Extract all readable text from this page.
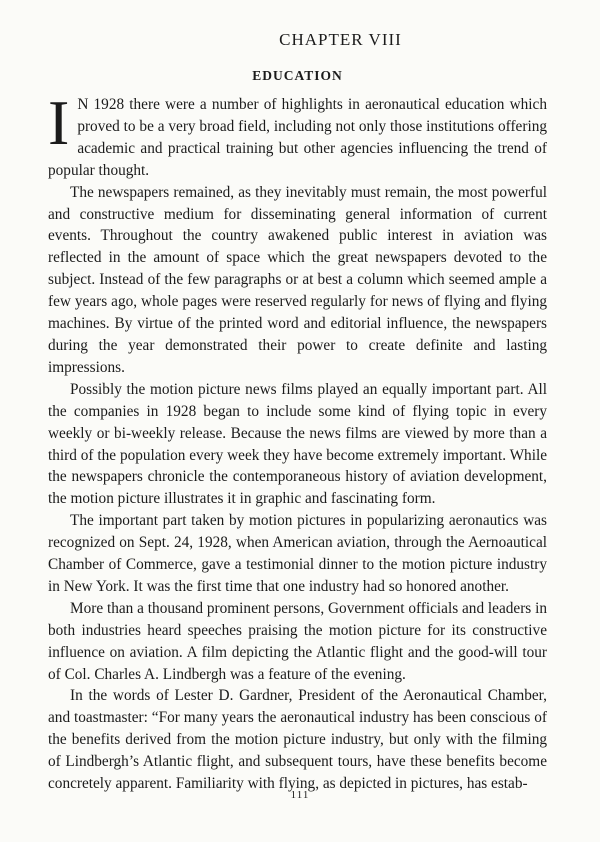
CHAPTER VIII
EDUCATION

I N 1928 there were a number of highlights in aeronautical education which proved to be a very broad field, including not only those institutions offering academic and practical training but other agencies influencing the trend of popular thought.

The newspapers remained, as they inevitably must remain, the most powerful and constructive medium for disseminating general information of current events. Throughout the country awakened public interest in aviation was reflected in the amount of space which the great newspapers devoted to the subject. Instead of the few paragraphs or at best a column which seemed ample a few years ago, whole pages were reserved regularly for news of flying and flying machines. By virtue of the printed word and editorial influence, the newspapers during the year demonstrated their power to create definite and lasting impressions.

Possibly the motion picture news films played an equally important part. All the companies in 1928 began to include some kind of flying topic in every weekly or bi-weekly release. Because the news films are viewed by more than a third of the population every week they have become extremely important. While the newspapers chronicle the contemporaneous history of aviation development, the motion picture illustrates it in graphic and fascinating form.

The important part taken by motion pictures in popularizing aeronautics was recognized on Sept. 24, 1928, when American aviation, through the Aernoautical Chamber of Commerce, gave a testimonial dinner to the motion picture industry in New York. It was the first time that one industry had so honored another.

More than a thousand prominent persons, Government officials and leaders in both industries heard speeches praising the motion picture for its constructive influence on aviation. A film depicting the Atlantic flight and the good-will tour of Col. Charles A. Lindbergh was a feature of the evening.

In the words of Lester D. Gardner, President of the Aeronautical Chamber, and toastmaster: “For many years the aeronautical industry has been conscious of the benefits derived from the motion picture industry, but only with the filming of Lindbergh’s Atlantic flight, and subsequent tours, have these benefits become concretely apparent. Familiarity with flying, as depicted in pictures, has estab-

111
